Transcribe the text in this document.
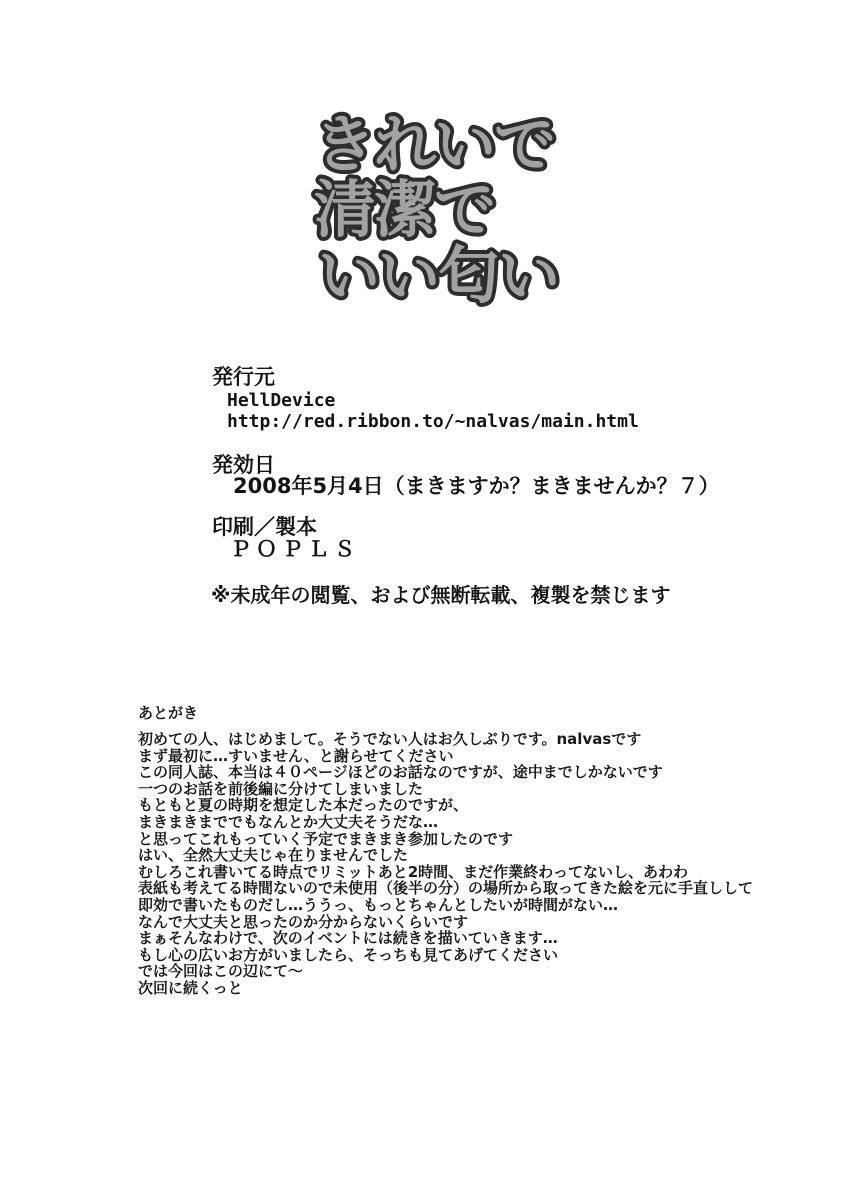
きれいで
清潔で
いい匂い
発行元
HellDevice
http://red.ribbon.to/~nalvas/main.html
発効日
2008年5月4日（まきますか？まきませんか？７）
印刷／製本
ＰＯＰＬＳ
※未成年の閲覧、および無断転載、複製を禁じます
あとがき
初めての人、はじめまして。そうでない人はお久しぶりです。nalvasです
まず最初に…すいません、と謝らせてください
この同人誌、本当は４０ページほどのお話なのですが、途中までしかないです
一つのお話を前後編に分けてしまいました
もともと夏の時期を想定した本だったのですが、
まきまきまででもなんとか大丈夫そうだな…
と思ってこれもっていく予定でまきまき参加したのです
はい、全然大丈夫じゃ在りませんでした
むしろこれ書いてる時点でリミットあと2時間、まだ作業終わってないし、あわわ
表紙も考えてる時間ないので未使用（後半の分）の場所から取ってきた絵を元に手直しして
即効で書いたものだし…ううっ、もっとちゃんとしたいが時間がない…
なんで大丈夫と思ったのか分からないくらいです
まぁそんなわけで、次のイベントには続きを描いていきます…
もし心の広いお方がいましたら、そっちも見てあげてください
では今回はこの辺にて～
次回に続くっと
